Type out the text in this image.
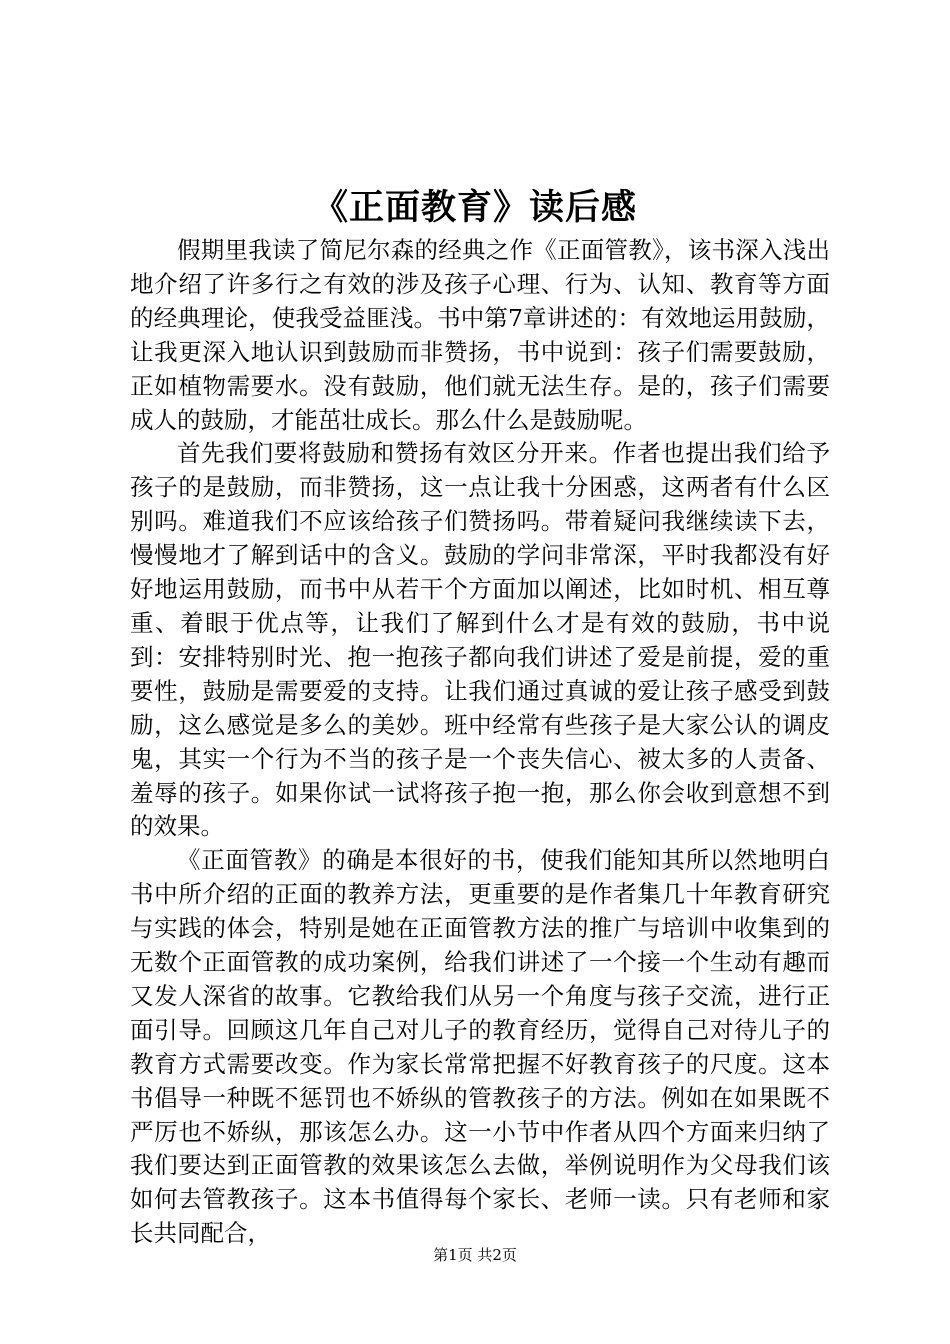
《正面教育》读后感

假期里我读了简尼尔森的经典之作《正面管教》，该书深入浅出地介绍了许多行之有效的涉及孩子心理、行为、认知、教育等方面的经典理论，使我受益匪浅。书中第7章讲述的：有效地运用鼓励，让我更深入地认识到鼓励而非赞扬，书中说到：孩子们需要鼓励，正如植物需要水。没有鼓励，他们就无法生存。是的，孩子们需要成人的鼓励，才能茁壮成长。那么什么是鼓励呢。

首先我们要将鼓励和赞扬有效区分开来。作者也提出我们给予孩子的是鼓励，而非赞扬，这一点让我十分困惑，这两者有什么区别吗。难道我们不应该给孩子们赞扬吗。带着疑问我继续读下去，慢慢地才了解到话中的含义。鼓励的学问非常深，平时我都没有好好地运用鼓励，而书中从若干个方面加以阐述，比如时机、相互尊重、着眼于优点等，让我们了解到什么才是有效的鼓励，书中说到：安排特别时光、抱一抱孩子都向我们讲述了爱是前提，爱的重要性，鼓励是需要爱的支持。让我们通过真诚的爱让孩子感受到鼓励，这么感觉是多么的美妙。班中经常有些孩子是大家公认的调皮鬼，其实一个行为不当的孩子是一个丧失信心、被太多的人责备、羞辱的孩子。如果你试一试将孩子抱一抱，那么你会收到意想不到的效果。

《正面管教》的确是本很好的书，使我们能知其所以然地明白书中所介绍的正面的教养方法，更重要的是作者集几十年教育研究与实践的体会，特别是她在正面管教方法的推广与培训中收集到的无数个正面管教的成功案例，给我们讲述了一个接一个生动有趣而又发人深省的故事。它教给我们从另一个角度与孩子交流，进行正面引导。回顾这几年自己对儿子的教育经历，觉得自己对待儿子的教育方式需要改变。作为家长常常把握不好教育孩子的尺度。这本书倡导一种既不惩罚也不娇纵的管教孩子的方法。例如在如果既不严厉也不娇纵，那该怎么办。这一小节中作者从四个方面来归纳了我们要达到正面管教的效果该怎么去做，举例说明作为父母我们该如何去管教孩子。这本书值得每个家长、老师一读。只有老师和家长共同配合，

第1页 共2页
